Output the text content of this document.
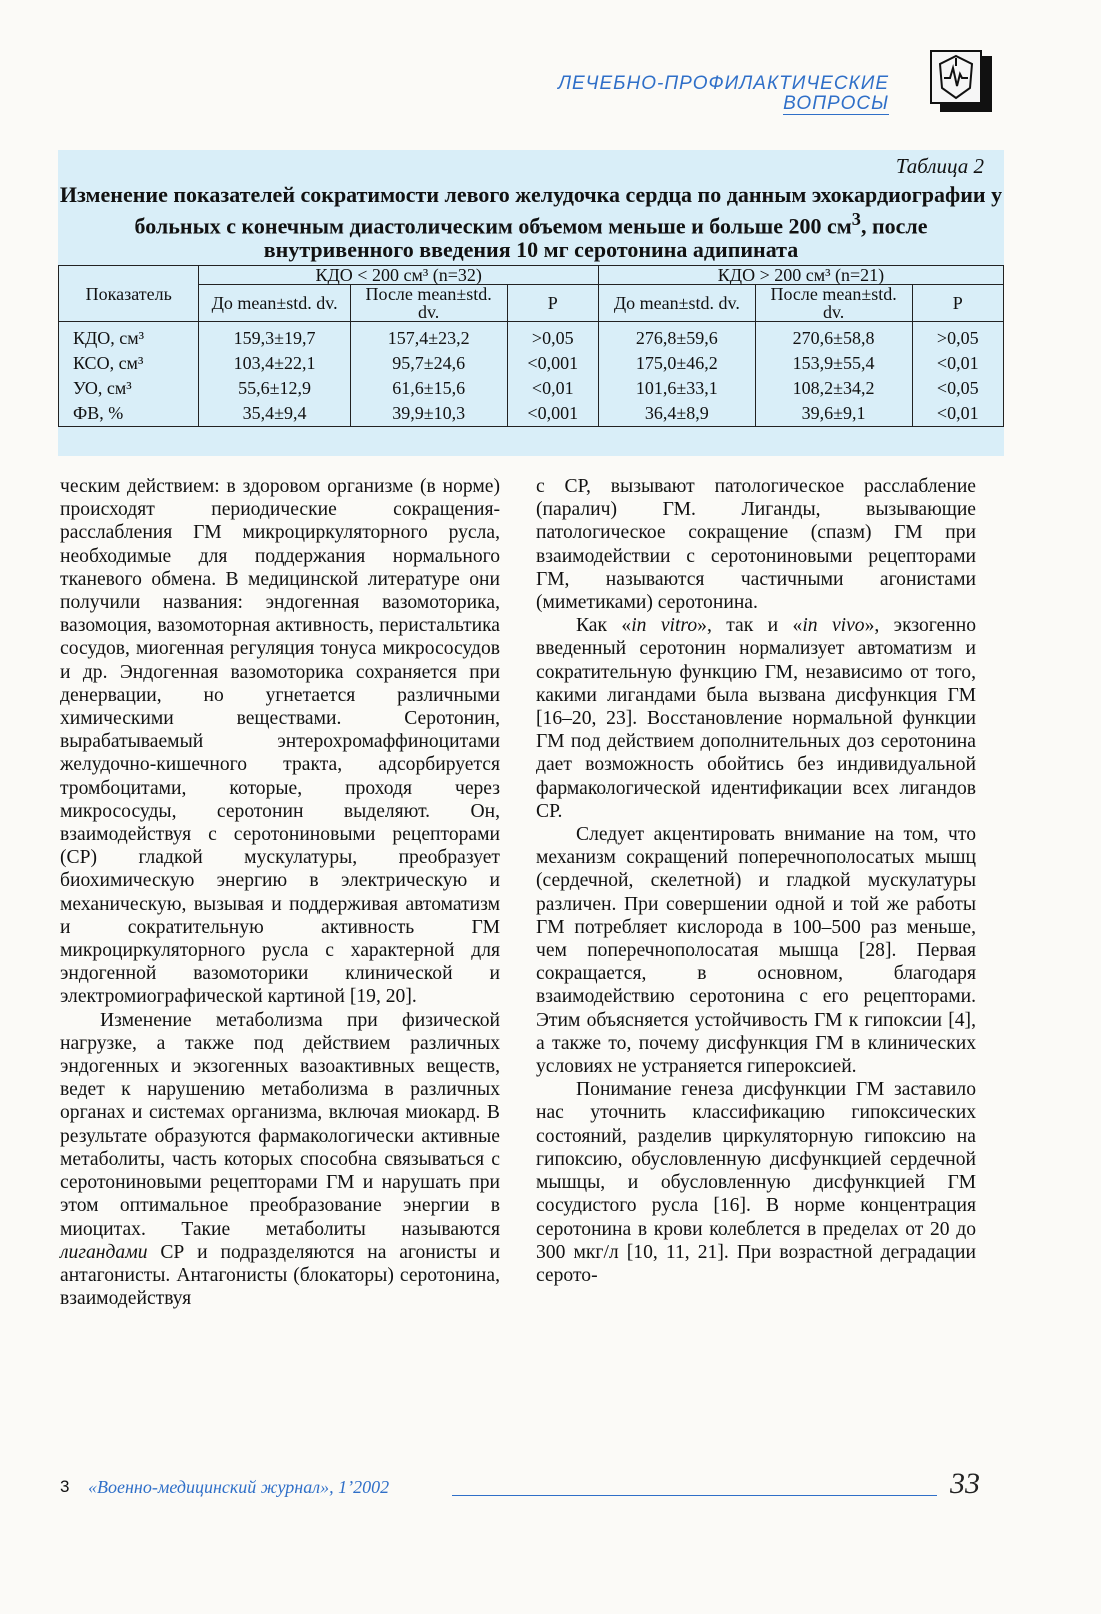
ЛЕЧЕБНО-ПРОФИЛАКТИЧЕСКИЕ
ВОПРОСЫ
Таблица 2
Изменение показателей сократимости левого желудочка сердца по данным эхокардиографии у больных с конечным диастолическим объемом меньше и больше 200 $см^3$, после внутривенного введения 10 мг серотонина адипината
Показатель	КДО < 200 см³ (n=32)			КДО > 200 см³ (n=21)		
	До mean±std. dv.	После mean±std. dv.	P	До mean±std. dv.	После mean±std. dv.	P
КДО, см³	159,3±19,7	157,4±23,2	>0,05	276,8±59,6	270,6±58,8	>0,05
КСО, см³	103,4±22,1	95,7±24,6	<0,001	175,0±46,2	153,9±55,4	<0,01
УО, см³	55,6±12,9	61,6±15,6	<0,01	101,6±33,1	108,2±34,2	<0,05
ФВ, %	35,4±9,4	39,9±10,3	<0,001	36,4±8,9	39,6±9,1	<0,01

ческим действием: в здоровом организме (в норме) происходят периодические сокращения-расслабления ГМ микроциркуляторного русла, необходимые для поддержания нормального тканевого обмена. В медицинской литературе они получили названия: эндогенная вазомоторика, вазомоция, вазомоторная активность, перистальтика сосудов, миогенная регуляция тонуса микрососудов и др. Эндогенная вазомоторика сохраняется при денервации, но угнетается различными химическими веществами. Серотонин, вырабатываемый энтерохромаффиноцитами желудочно-кишечного тракта, адсорбируется тромбоцитами, которые, проходя через микрососуды, серотонин выделяют. Он, взаимодействуя с серотониновыми рецепторами (СР) гладкой мускулатуры, преобразует биохимическую энергию в электрическую и механическую, вызывая и поддерживая автоматизм и сократительную активность ГМ микроциркуляторного русла с характерной для эндогенной вазомоторики клинической и электромиографической картиной [19, 20].

Изменение метаболизма при физической нагрузке, а также под действием различных эндогенных и экзогенных вазоактивных веществ, ведет к нарушению метаболизма в различных органах и системах организма, включая миокард. В результате образуются фармакологически активные метаболиты, часть которых способна связываться с серотониновыми рецепторами ГМ и нарушать при этом оптимальное преобразование энергии в миоцитах. Такие метаболиты называются лигандами СР и подразделяются на агонисты и антагонисты. Антагонисты (блокаторы) серотонина, взаимодействуя

с СР, вызывают патологическое расслабление (паралич) ГМ. Лиганды, вызывающие патологическое сокращение (спазм) ГМ при взаимодействии с серотониновыми рецепторами ГМ, называются частичными агонистами (миметиками) серотонина.

Как «in vitro», так и «in vivo», экзогенно введенный серотонин нормализует автоматизм и сократительную функцию ГМ, независимо от того, какими лигандами была вызвана дисфункция ГМ [16–20, 23]. Восстановление нормальной функции ГМ под действием дополнительных доз серотонина дает возможность обойтись без индивидуальной фармакологической идентификации всех лигандов СР.

Следует акцентировать внимание на том, что механизм сокращений поперечнополосатых мышц (сердечной, скелетной) и гладкой мускулатуры различен. При совершении одной и той же работы ГМ потребляет кислорода в 100–500 раз меньше, чем поперечнополосатая мышца [28]. Первая сокращается, в основном, благодаря взаимодействию серотонина с его рецепторами. Этим объясняется устойчивость ГМ к гипоксии [4], а также то, почему дисфункция ГМ в клинических условиях не устраняется гипероксией.

Понимание генеза дисфункции ГМ заставило нас уточнить классификацию гипоксических состояний, разделив циркуляторную гипоксию на гипоксию, обусловленную дисфункцией сердечной мышцы, и обусловленную дисфункцией ГМ сосудистого русла [16]. В норме концентрация серотонина в крови колеблется в пределах от 20 до 300 мкг/л [10, 11, 21]. При возрастной деградации серото-

3 «Военно-медицинский журнал», 1’2002	33
